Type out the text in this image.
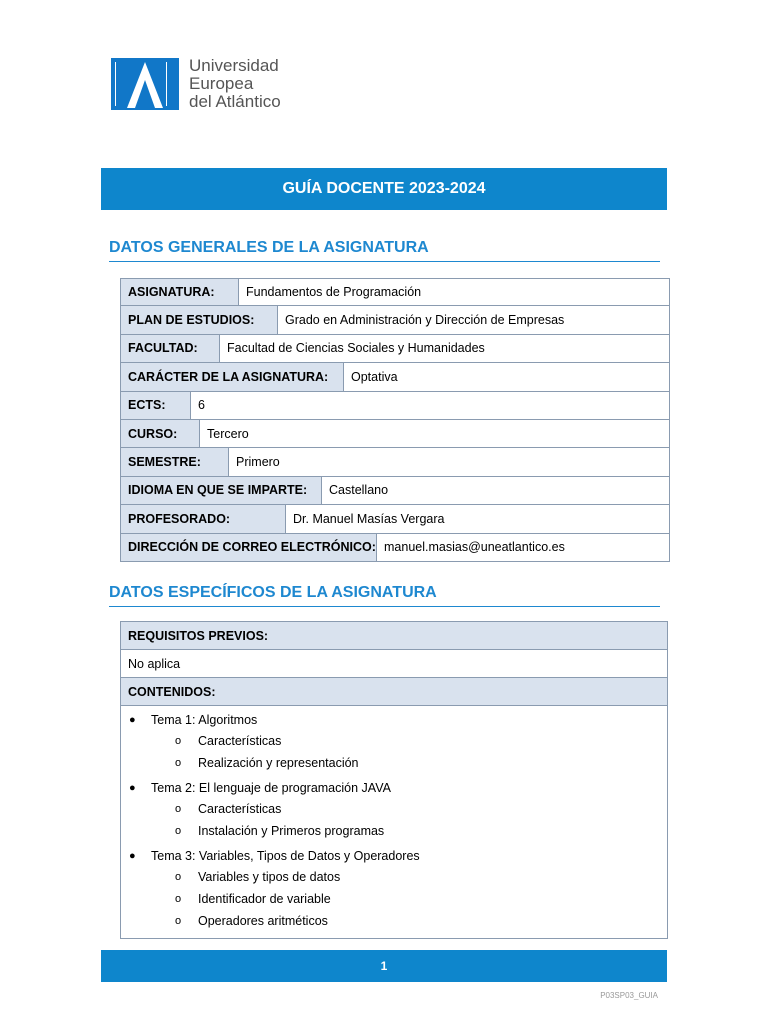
Universidad
Europea
del Atlántico
GUÍA DOCENTE 2023-2024
DATOS GENERALES DE LA ASIGNATURA
ASIGNATURA:	Fundamentos de Programación
PLAN DE ESTUDIOS:	Grado en Administración y Dirección de Empresas
FACULTAD:	Facultad de Ciencias Sociales y Humanidades
CARÁCTER DE LA ASIGNATURA:	Optativa
ECTS:	6
CURSO:	Tercero
SEMESTRE:	Primero
IDIOMA EN QUE SE IMPARTE:	Castellano
PROFESORADO:	Dr. Manuel Masías Vergara
DIRECCIÓN DE CORREO ELECTRÓNICO: manuel.masias@uneatlantico.es
DATOS ESPECÍFICOS DE LA ASIGNATURA
REQUISITOS PREVIOS:
No aplica
CONTENIDOS:
●	Tema 1: Algoritmos
o	Características
o	Realización y representación
●	Tema 2: El lenguaje de programación JAVA
o	Características
o	Instalación y Primeros programas
●	Tema 3: Variables, Tipos de Datos y Operadores
o	Variables y tipos de datos
o	Identificador de variable
o	Operadores aritméticos
1
P03SP03_GUIA
